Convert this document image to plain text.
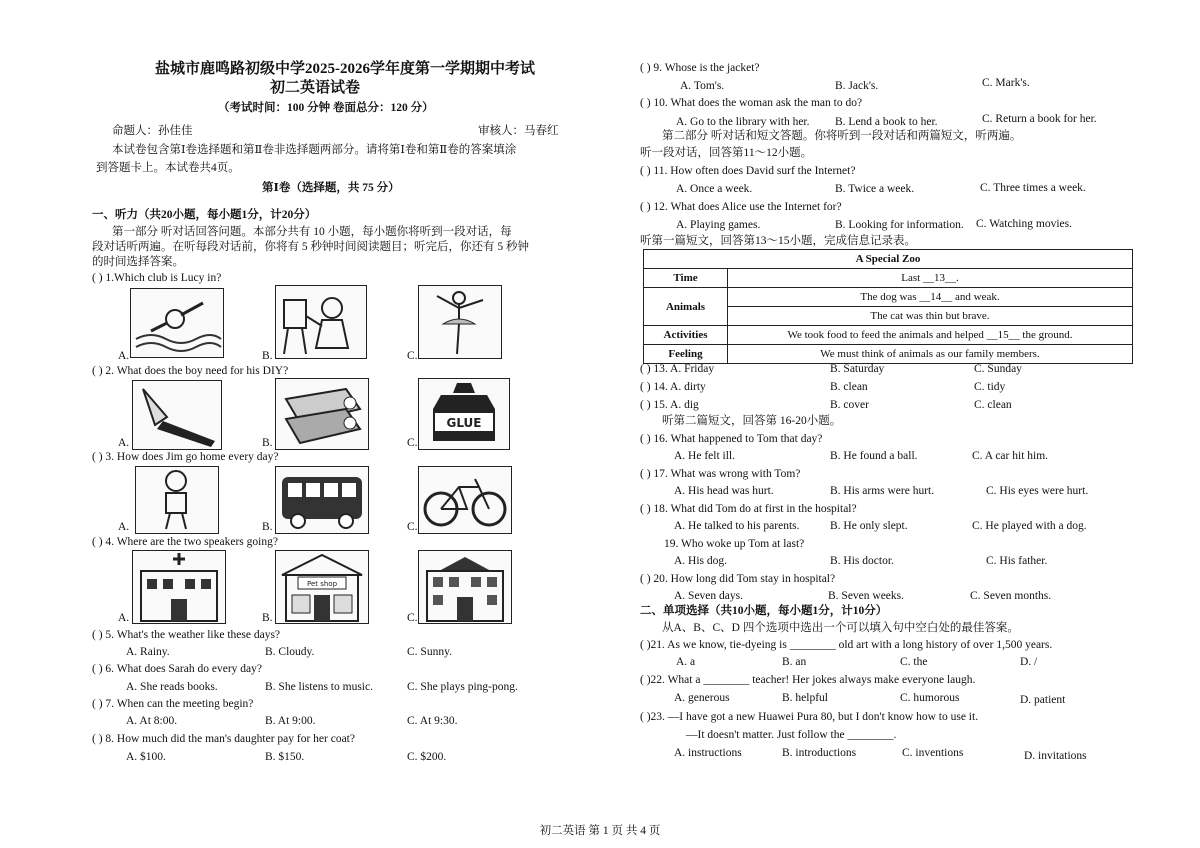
盐城市鹿鸣路初级中学2025-2026学年度第一学期期中考试
初二英语试卷
（考试时间：100 分钟 卷面总分：120 分）
命题人：孙佳佳	审核人：马春红
本试卷包含第Ⅰ卷选择题和第Ⅱ卷非选择题两部分。请将第Ⅰ卷和第Ⅱ卷的答案填涂
到答题卡上。本试卷共4页。
第Ⅰ卷（选择题，共 75 分）
一、听力（共20小题，每小题1分，计20分）
第一部分 听对话回答问题。本部分共有 10 小题，每小题你将听到一段对话，每
段对话听两遍。在听每段对话前，你将有 5 秒钟时间阅读题目；听完后，你还有 5 秒钟
的时间选择答案。
( ) 1.Which club is Lucy in?
A.	B.	C.
( ) 2. What does the boy need for his DIY?
A.	B.	C.
GLUE
( ) 3. How does Jim go home every day?
A.	B.	C.
( ) 4. Where are the two speakers going?
A.	B.
Pet shop
C.
( ) 5. What's the weather like these days?
A. Rainy.	B. Cloudy.	C. Sunny.
( ) 6. What does Sarah do every day?
A. She reads books.	B. She listens to music.	C. She plays ping-pong.
( ) 7. When can the meeting begin?
A. At 8:00.	B. At 9:00.	C. At 9:30.
( ) 8. How much did the man's daughter pay for her coat?
A. $100.	B. $150.	C. $200.
( ) 9. Whose is the jacket?
A. Tom's.	B. Jack's.	C. Mark's.
( ) 10. What does the woman ask the man to do?
A. Go to the library with her. B. Lend a book to her.	C. Return a book for her.
第二部分 听对话和短文答题。你将听到一段对话和两篇短文，听两遍。
听一段对话，回答第11～12小题。
( ) 11. How often does David surf the Internet?
A. Once a week.	B. Twice a week.	C. Three times a week.
( ) 12. What does Alice use the Internet for?
A. Playing games.	B. Looking for information. C. Watching movies.
听第一篇短文，回答第13～15小题，完成信息记录表。
A Special Zoo	
Time	Last __13__.
Animals	The dog was __14__ and weak.
	The cat was thin but brave.
Activities	We took food to feed the animals and helped __15__ the ground.
Feeling	We must think of animals as our family members.
( ) 13. A. Friday	B. Saturday	C. Sunday
( ) 14. A. dirty	B. clean	C. tidy
( ) 15. A. dig	B. cover	C. clean
听第二篇短文，回答第 16-20小题。
( ) 16. What happened to Tom that day?
A. He felt ill.	B. He found a ball.	C. A car hit him.
( ) 17. What was wrong with Tom?
A. His head was hurt.	B. His arms were hurt.	C. His eyes were hurt.
( ) 18. What did Tom do at first in the hospital?
A. He talked to his parents.	B. He only slept.	C. He played with a dog.
19. Who woke up Tom at last?
A. His dog.	B. His doctor.	C. His father.
( ) 20. How long did Tom stay in hospital?
A. Seven days.	B. Seven weeks.	C. Seven months.
二、单项选择（共10小题，每小题1分，计10分）
从A、B、C、D 四个选项中选出一个可以填入句中空白处的最佳答案。
( )21. As we know, tie-dyeing is ________ old art with a long history of over 1,500 years.
A. a	B. an	C. the	D. /
( )22. What a ________ teacher! Her jokes always make everyone laugh.
A. generous	B. helpful	C. humorous	D. patient
( )23. —I have got a new Huawei Pura 80, but I don't know how to use it.
—It doesn't matter. Just follow the ________.
A. instructions	B. introductions	C. inventions	D. invitations
初二英语 第 1 页 共 4 页
